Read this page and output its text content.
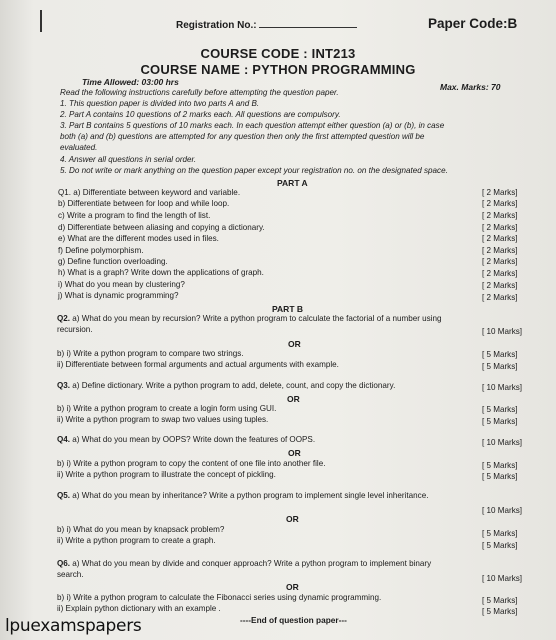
Registration No.:	Paper Code:B
COURSE CODE : INT213
COURSE NAME : PYTHON PROGRAMMING
Time Allowed: 03:00 hrs	Max. Marks: 70
Read the following instructions carefully before attempting the question paper.
1. This question paper is divided into two parts A and B.
2. Part A contains 10 questions of 2 marks each. All questions are compulsory.
3. Part B contains 5 questions of 10 marks each. In each question attempt either question (a) or (b), in case
both (a) and (b) questions are attempted for any question then only the first attempted question will be
evaluated.
4. Answer all questions in serial order.
5. Do not write or mark anything on the question paper except your registration no. on the designated space.
PART A
Q1. a) Differentiate between keyword and variable.	[ 2 Marks]
b) Differentiate between for loop and while loop.	[ 2 Marks]
c) Write a program to find the length of list.	[ 2 Marks]
d) Differentiate between aliasing and copying a dictionary.	[ 2 Marks]
e) What are the different modes used in files.	[ 2 Marks]
f) Define polymorphism.	[ 2 Marks]
g) Define function overloading.	[ 2 Marks]
h) What is a graph? Write down the applications of graph.	[ 2 Marks]
i) What do you mean by clustering?	[ 2 Marks]
j) What is dynamic programming?	[ 2 Marks]
PART B
Q2. a) What do you mean by recursion? Write a python program to calculate the factorial of a number using
recursion.	[ 10 Marks]
OR
b) i) Write a python program to compare two strings.	[ 5 Marks]
ii) Differentiate between formal arguments and actual arguments with example.	[ 5 Marks]
Q3. a) Define dictionary. Write a python program to add, delete, count, and copy the dictionary.	[ 10 Marks]
OR
b) i) Write a python program to create a login form using GUI.	[ 5 Marks]
ii) Write a python program to swap two values using tuples.	[ 5 Marks]
Q4. a) What do you mean by OOPS? Write down the features of OOPS.	[ 10 Marks]
OR
b) i) Write a python program to copy the content of one file into another file.	[ 5 Marks]
ii) Write a python program to illustrate the concept of pickling.	[ 5 Marks]
Q5. a) What do you mean by inheritance? Write a python program to implement single level inheritance.
[ 10 Marks]
OR
b) i) What do you mean by knapsack problem?	[ 5 Marks]
ii) Write a python program to create a graph.
[ 5 Marks]
Q6. a) What do you mean by divide and conquer approach? Write a python program to implement binary
search.	[ 10 Marks]
OR
b) i) Write a python program to calculate the Fibonacci series using dynamic programming.	[ 5 Marks]
ii) Explain python dictionary with an example .	[ 5 Marks]
----End of question paper---
lpuexamspapers
